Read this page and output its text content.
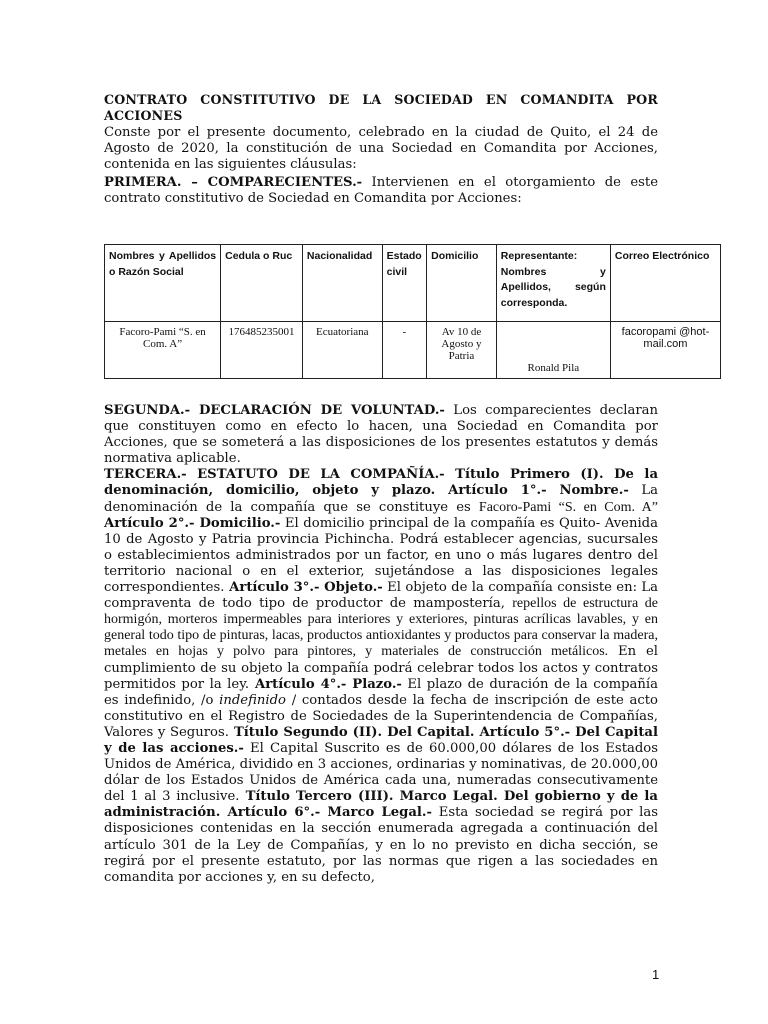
CONTRATO CONSTITUTIVO DE LA SOCIEDAD EN COMANDITA POR ACCIONES

Conste por el presente documento, celebrado en la ciudad de Quito, el 24 de Agosto de 2020, la constitución de una Sociedad en Comandita por Acciones, contenida en las siguientes cláusulas:

PRIMERA. – COMPARECIENTES.- Intervienen en el otorgamiento de este contrato constitutivo de Sociedad en Comandita por Acciones:

Nombres y Apellidos o Razón Social	Cedula o Ruc	Nacionalidad	Estado civil	Domicilio	Representante: Nombres y Apellidos, según corresponda.	Correo Electrónico
Facoro-Pami “S. en Com. A”	176485235001	Ecuatoriana	-	Av 10 de Agosto y Patria	Ronald Pila	facoropami @hot-mail.com

SEGUNDA.- DECLARACIÓN DE VOLUNTAD.- Los comparecientes declaran que constituyen como en efecto lo hacen, una Sociedad en Comandita por Acciones, que se someterá a las disposiciones de los presentes estatutos y demás normativa aplicable.

TERCERA.- ESTATUTO DE LA COMPAÑÍA.- Título Primero (I). De la denominación, domicilio, objeto y plazo. Artículo 1°.- Nombre.- La denominación de la compañía que se constituye es Facoro-Pami “S. en Com. A” Artículo 2°.- Domicilio.- El domicilio principal de la compañía es Quito- Avenida 10 de Agosto y Patria provincia Pichincha. Podrá establecer agencias, sucursales o establecimientos administrados por un factor, en uno o más lugares dentro del territorio nacional o en el exterior, sujetándose a las disposiciones legales correspondientes. Artículo 3°.- Objeto.- El objeto de la compañía consiste en: La compraventa de todo tipo de productor de mampostería, repellos de estructura de hormigón, morteros impermeables para interiores y exteriores, pinturas acrílicas lavables, y en general todo tipo de pinturas, lacas, productos antioxidantes y productos para conservar la madera, metales en hojas y polvo para pintores, y materiales de construcción metálicos. En el cumplimiento de su objeto la compañía podrá celebrar todos los actos y contratos permitidos por la ley. Artículo 4°.- Plazo.- El plazo de duración de la compañía es indefinido, /o indefinido / contados desde la fecha de inscripción de este acto constitutivo en el Registro de Sociedades de la Superintendencia de Compañías, Valores y Seguros. Título Segundo (II). Del Capital. Artículo 5°.- Del Capital y de las acciones.- El Capital Suscrito es de 60.000,00 dólares de los Estados Unidos de América, dividido en 3 acciones, ordinarias y nominativas, de 20.000,00 dólar de los Estados Unidos de América cada una, numeradas consecutivamente del 1 al 3 inclusive. Título Tercero (III). Marco Legal. Del gobierno y de la administración. Artículo 6°.- Marco Legal.- Esta sociedad se regirá por las disposiciones contenidas en la sección enumerada agregada a continuación del artículo 301 de la Ley de Compañías, y en lo no previsto en dicha sección, se regirá por el presente estatuto, por las normas que rigen a las sociedades en comandita por acciones y, en su defecto,

1
